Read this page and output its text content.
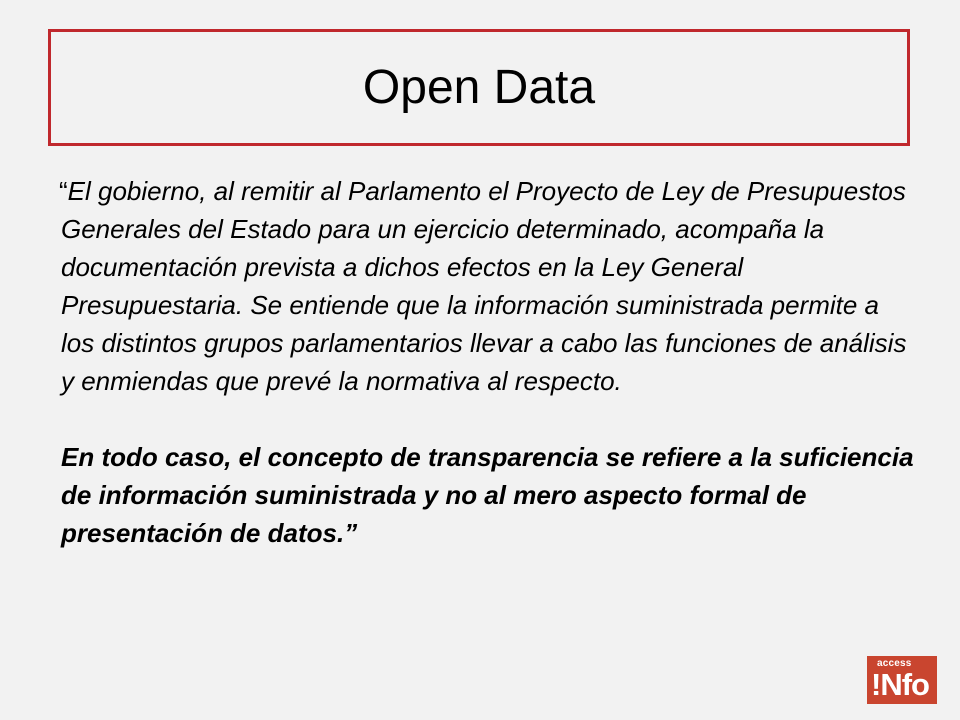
Open Data

“El gobierno, al remitir al Parlamento el Proyecto de Ley de Presupuestos Generales del Estado para un ejercicio determinado, acompaña la documentación prevista a dichos efectos en la Ley General Presupuestaria. Se entiende que la información suministrada permite a los distintos grupos parlamentarios llevar a cabo las funciones de análisis y enmiendas que prevé la normativa al respecto.

En todo caso, el concepto de transparencia se refiere a la suficiencia de información suministrada y no al mero aspecto formal de presentación de datos.”

access
!Nfo
